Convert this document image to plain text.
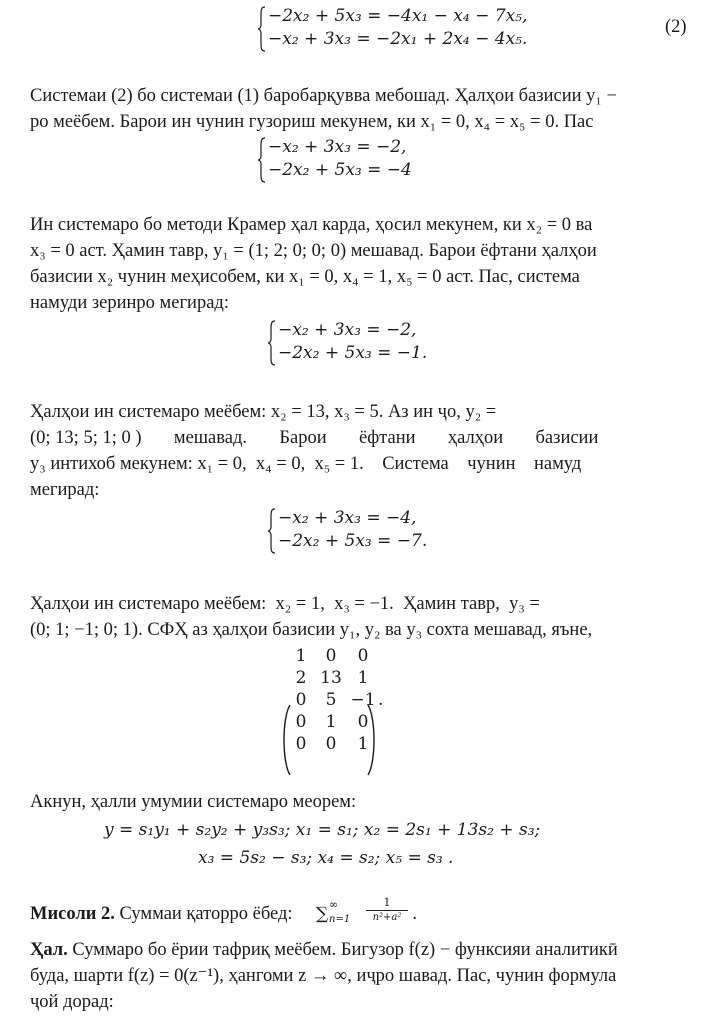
−2x₂ + 5x₃ = −4x₁ − x₄ − 7x₅,
−x₂ + 3x₃ = −2x₁ + 2x₄ − 4x₅.
(2)
Системаи (2) бо системаи (1) баробарқувва мебошад. Ҳалҳои базисии y₁ −
ро меёбем. Барои ин чунин гузориш мекунем, ки x₁ = 0, x₄ = x₅ = 0. Пас
−x₂ + 3x₃ = −2,
−2x₂ + 5x₃ = −4
Ин системаро бо методи Крамер ҳал карда, ҳосил мекунем, ки x₂ = 0 ва
x₃ = 0 аст. Ҳамин тавр, y₁ = (1; 2; 0; 0; 0) мешавад. Барои ёфтани ҳалҳои
базисии x₂ чунин меҳисобем, ки x₁ = 0, x₄ = 1, x₅ = 0 аст. Пас, система
намуди зеринро мегирад:
−x₂ + 3x₃ = −2,
−2x₂ + 5x₃ = −1.
Ҳалҳои ин системаро меёбем: x₂ = 13, x₃ = 5. Аз ин ҷо, y₂ =
(0; 13; 5; 1; 0 )       мешавад.       Барои       ёфтани       ҳалҳои       базисии
y₃ интихоб мекунем: x₁ = 0,  x₄ = 0,  x₅ = 1.    Система    чунин    намуд
мегирад:
−x₂ + 3x₃ = −4,
−2x₂ + 5x₃ = −7.
Ҳалҳои ин системаро меёбем:  x₂ = 1,  x₃ = −1.  Ҳамин тавр,  y₃ =
(0; 1; −1; 0; 1). СФҲ аз ҳалҳои базисии y₁, y₂ ва y₃ сохта мешавад, яъне,
1	0	0
2 13 1
0	5 −1
0	1	0
0	0	1
.
Акнун, ҳалли умумии системаро меорем:
y = s₁y₁ + s₂y₂ + y₃s₃; x₁ = s₁; x₂ = 2s₁ + 13s₂ + s₃;
x₃ = 5s₂ − s₃; x₄ = s₂; x₅ = s₃ .
Мисоли 2. Суммаи қаторро ёбед: ∑ ∞
n=1
1
n²+a² .
Ҳал. Суммаро бо ёрии тафриқ меёбем. Бигузор f(z) − функсияи аналитикӣ
буда, шарти f(z) = 0(z⁻¹), ҳангоми z → ∞, иҷро шавад. Пас, чунин формула
ҷой дорад:
